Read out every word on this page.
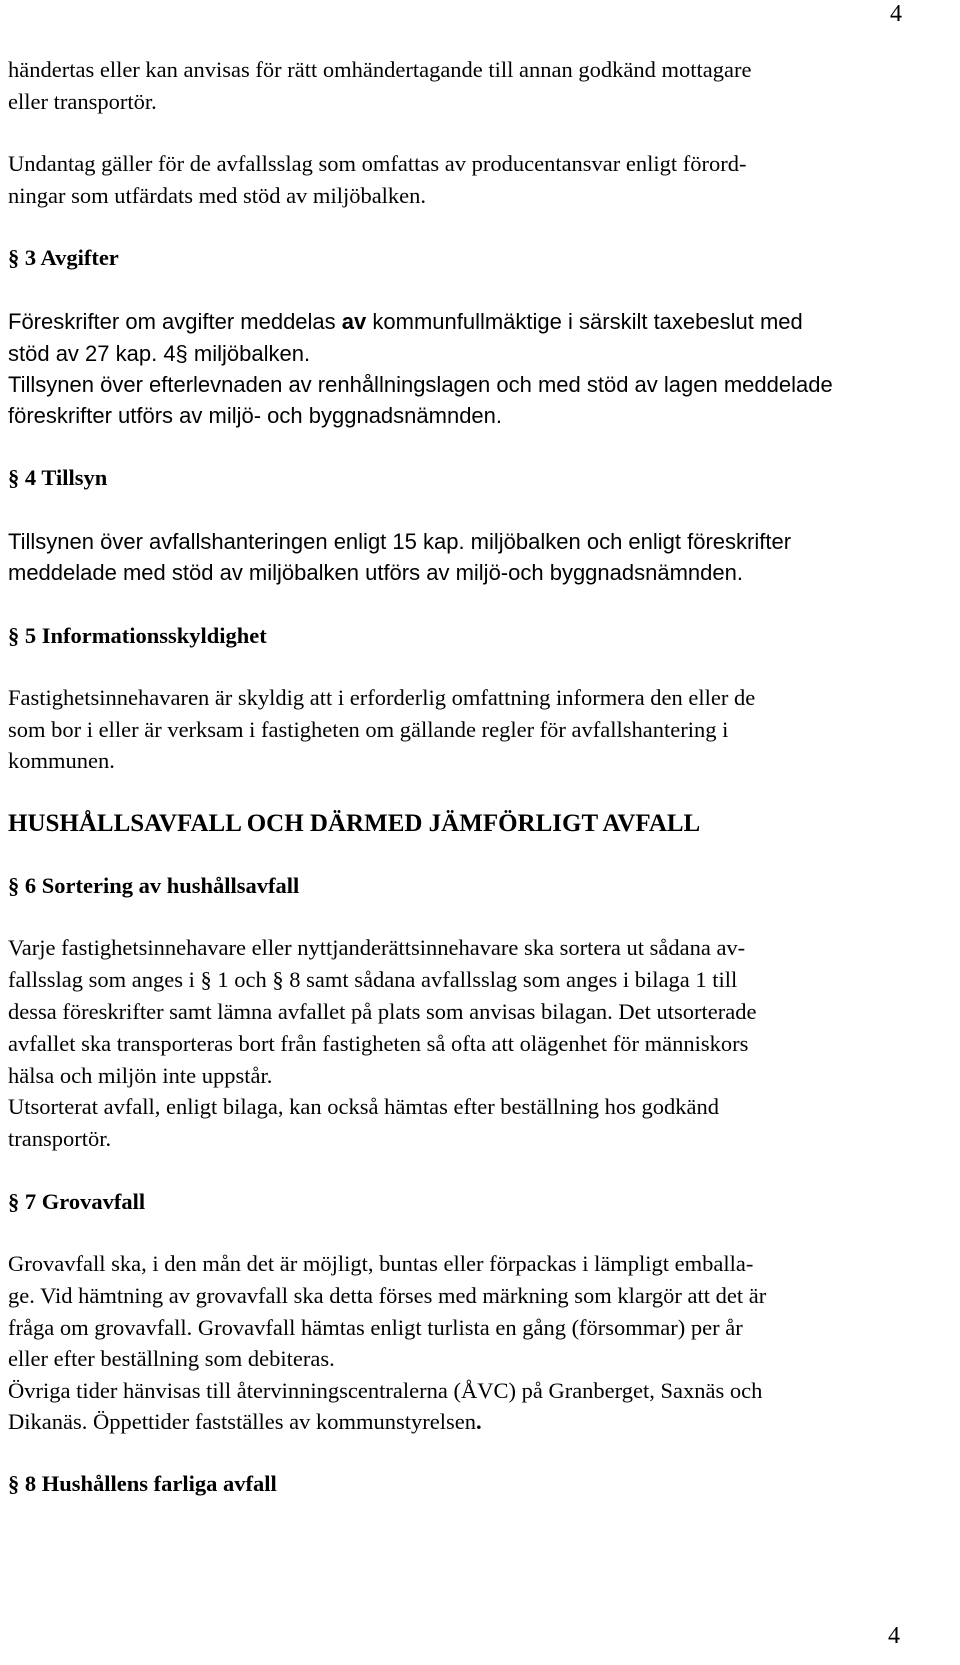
4
händertas eller kan anvisas för rätt omhändertagande till annan godkänd mottagare
eller transportör.
Undantag gäller för de avfallsslag som omfattas av producentansvar enligt förord-
ningar som utfärdats med stöd av miljöbalken.
§ 3 Avgifter
Föreskrifter om avgifter meddelas av kommunfullmäktige i särskilt taxebeslut med
stöd av 27 kap. 4§ miljöbalken.
Tillsynen över efterlevnaden av renhållningslagen och med stöd av lagen meddelade
föreskrifter utförs av miljö- och byggnadsnämnden.
§ 4 Tillsyn
Tillsynen över avfallshanteringen enligt 15 kap. miljöbalken och enligt föreskrifter
meddelade med stöd av miljöbalken utförs av miljö-och byggnadsnämnden.
§ 5 Informationsskyldighet
Fastighetsinnehavaren är skyldig att i erforderlig omfattning informera den eller de
som bor i eller är verksam i fastigheten om gällande regler för avfallshantering i
kommunen.
HUSHÅLLSAVFALL OCH DÄRMED JÄMFÖRLIGT AVFALL
§ 6 Sortering av hushållsavfall
Varje fastighetsinnehavare eller nyttjanderättsinnehavare ska sortera ut sådana av-
fallsslag som anges i § 1 och § 8 samt sådana avfallsslag som anges i bilaga 1 till
dessa föreskrifter samt lämna avfallet på plats som anvisas bilagan. Det utsorterade
avfallet ska transporteras bort från fastigheten så ofta att olägenhet för människors
hälsa och miljön inte uppstår.
Utsorterat avfall, enligt bilaga, kan också hämtas efter beställning hos godkänd
transportör.
§ 7 Grovavfall
Grovavfall ska, i den mån det är möjligt, buntas eller förpackas i lämpligt emballa-
ge. Vid hämtning av grovavfall ska detta förses med märkning som klargör att det är
fråga om grovavfall. Grovavfall hämtas enligt turlista en gång (försommar) per år
eller efter beställning som debiteras.
Övriga tider hänvisas till återvinningscentralerna (ÅVC) på Granberget, Saxnäs och
Dikanäs. Öppettider fastställes av kommunstyrelsen.
§ 8 Hushållens farliga avfall
4
